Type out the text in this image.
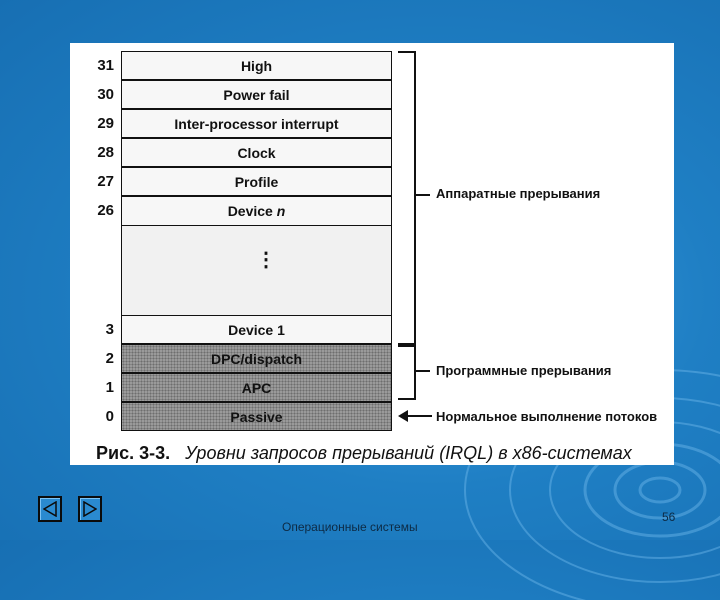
31
30
29
28
27
26
3
2
1
0
High
Power fail
Inter-processor interrupt
Clock
Profile
Device n
⋮
Device 1
DPC/dispatch
APC
Passive
Аппаратные прерывания
Программные прерывания
Нормальное выполнение потоков
Рис. 3-3. Уровни запросов прерываний (IRQL) в x86-системах
Операционные системы
56
